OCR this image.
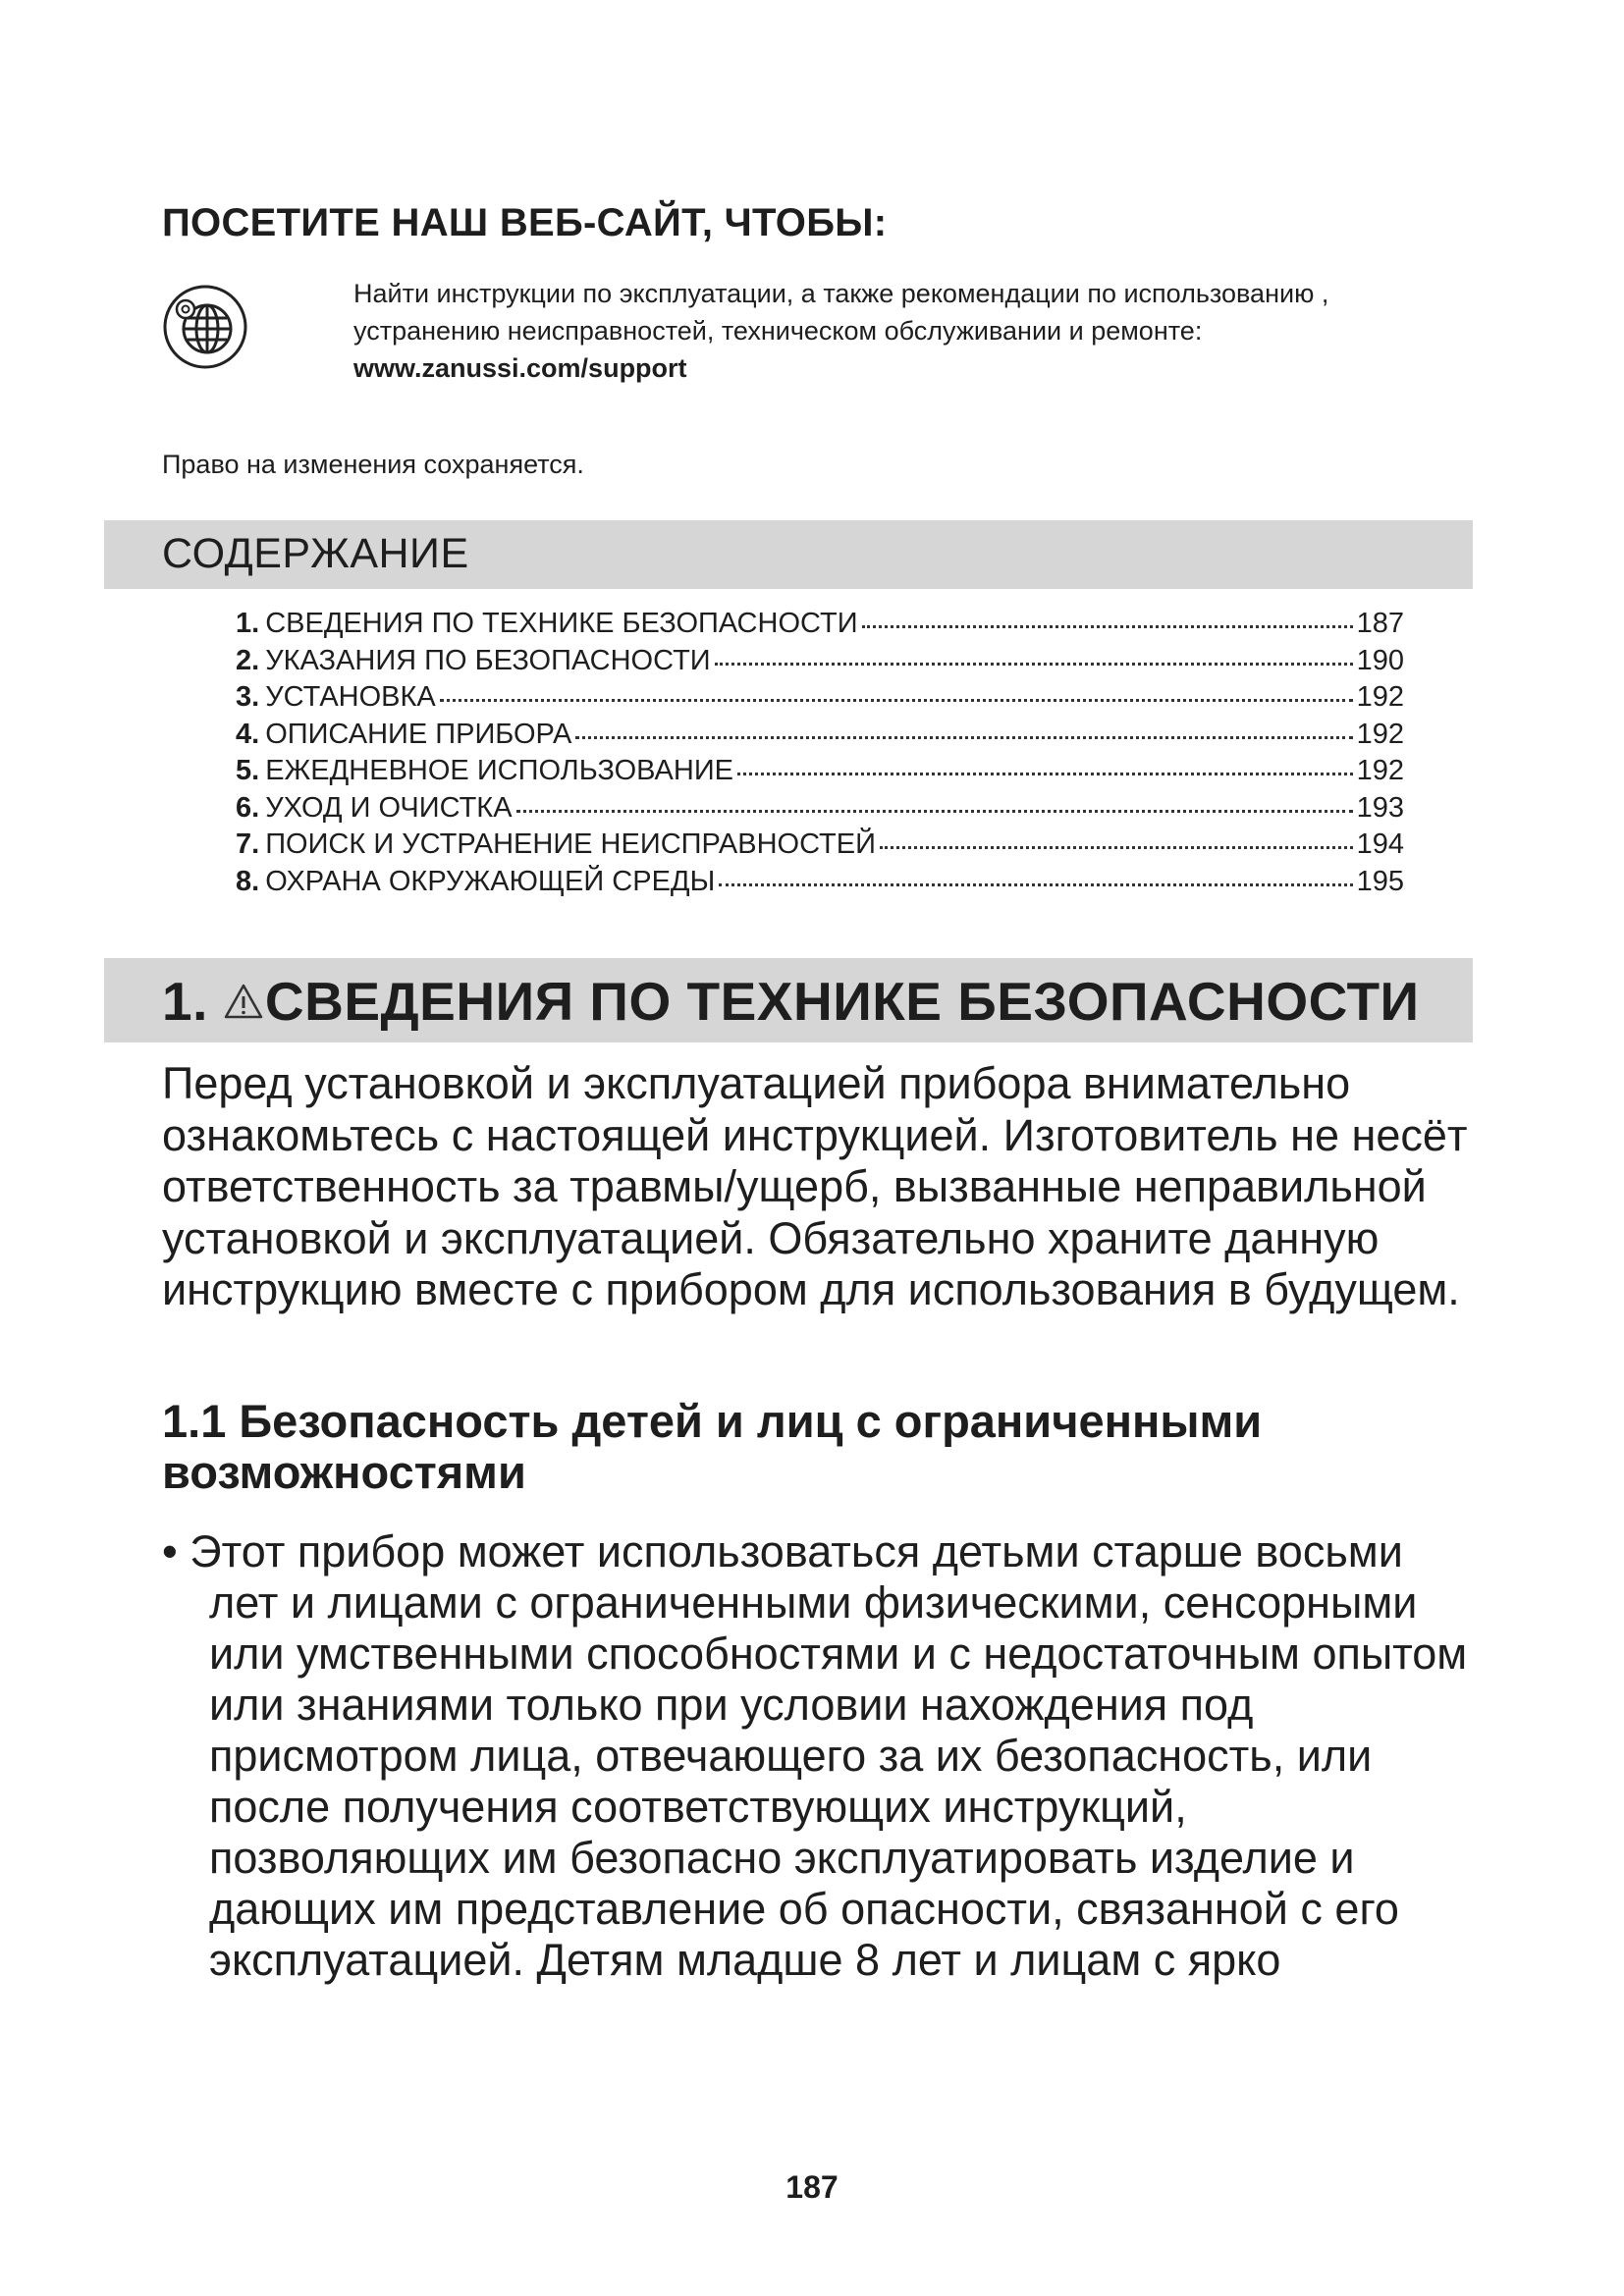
ПОСЕТИТЕ НАШ ВЕБ-САЙТ, ЧТОБЫ:
Найти инструкции по эксплуатации, а также рекомендации по использованию ,
устранению неисправностей, техническом обслуживании и ремонте:
www.zanussi.com/support
Право на изменения сохраняется.
СОДЕРЖАНИЕ
1. СВЕДЕНИЯ ПО ТЕХНИКЕ БЕЗОПАСНОСТИ	187
2. УКАЗАНИЯ ПО БЕЗОПАСНОСТИ	190
3. УСТАНОВКА	192
4. ОПИСАНИЕ ПРИБОРА	192
5. ЕЖЕДНЕВНОЕ ИСПОЛЬЗОВАНИЕ	192
6. УХОД И ОЧИСТКА	193
7. ПОИСК И УСТРАНЕНИЕ НЕИСПРАВНОСТЕЙ	194
8. ОХРАНА ОКРУЖАЮЩЕЙ СРЕДЫ	195
1. СВЕДЕНИЯ ПО ТЕХНИКЕ БЕЗОПАСНОСТИ
Перед установкой и эксплуатацией прибора внимательно ознакомьтесь с настоящей инструкцией. Изготовитель не несёт ответственность за травмы/ущерб, вызванные неправильной установкой и эксплуатацией. Обязательно храните данную инструкцию вместе с прибором для использования в будущем.
1.1 Безопасность детей и лиц с ограниченными возможностями
• Этот прибор может использоваться детьми старше восьми лет и лицами с ограниченными физическими, сенсорными или умственными способностями и с недостаточным опытом или знаниями только при условии нахождения под присмотром лица, отвечающего за их безопасность, или после получения соответствующих инструкций, позволяющих им безопасно эксплуатировать изделие и дающих им представление об опасности, связанной с его эксплуатацией. Детям младше 8 лет и лицам с ярко
187
